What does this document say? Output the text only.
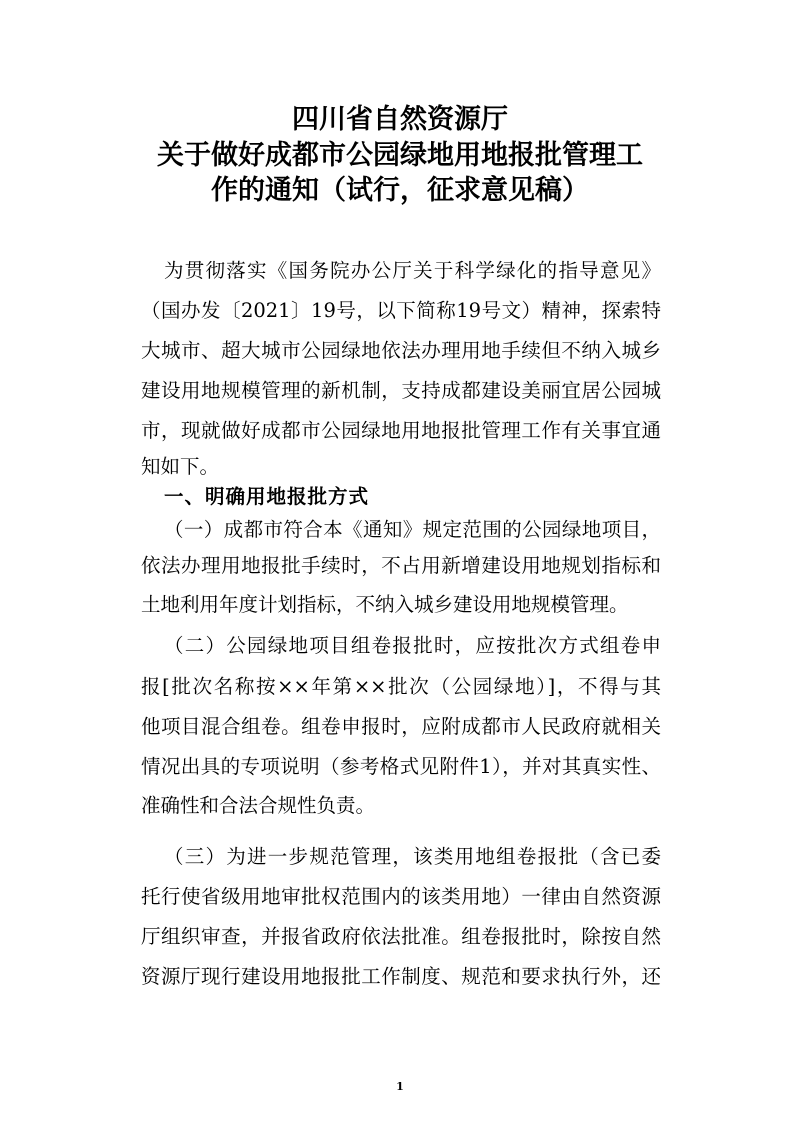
四川省自然资源厅
关于做好成都市公园绿地用地报批管理工
作的通知（试行，征求意见稿）
为贯彻落实《国务院办公厅关于科学绿化的指导意见》
（国办发〔2021〕19号，以下简称19号文）精神，探索特
大城市、超大城市公园绿地依法办理用地手续但不纳入城乡
建设用地规模管理的新机制，支持成都建设美丽宜居公园城
市，现就做好成都市公园绿地用地报批管理工作有关事宜通
知如下。
一、明确用地报批方式
（一）成都市符合本《通知》规定范围的公园绿地项目，
依法办理用地报批手续时，不占用新增建设用地规划指标和
土地利用年度计划指标，不纳入城乡建设用地规模管理。
（二）公园绿地项目组卷报批时，应按批次方式组卷申
报[批次名称按××年第××批次（公园绿地）]，不得与其
他项目混合组卷。组卷申报时，应附成都市人民政府就相关
情况出具的专项说明（参考格式见附件1），并对其真实性、
准确性和合法合规性负责。
（三）为进一步规范管理，该类用地组卷报批（含已委
托行使省级用地审批权范围内的该类用地）一律由自然资源
厅组织审查，并报省政府依法批准。组卷报批时，除按自然
资源厅现行建设用地报批工作制度、规范和要求执行外，还
1
